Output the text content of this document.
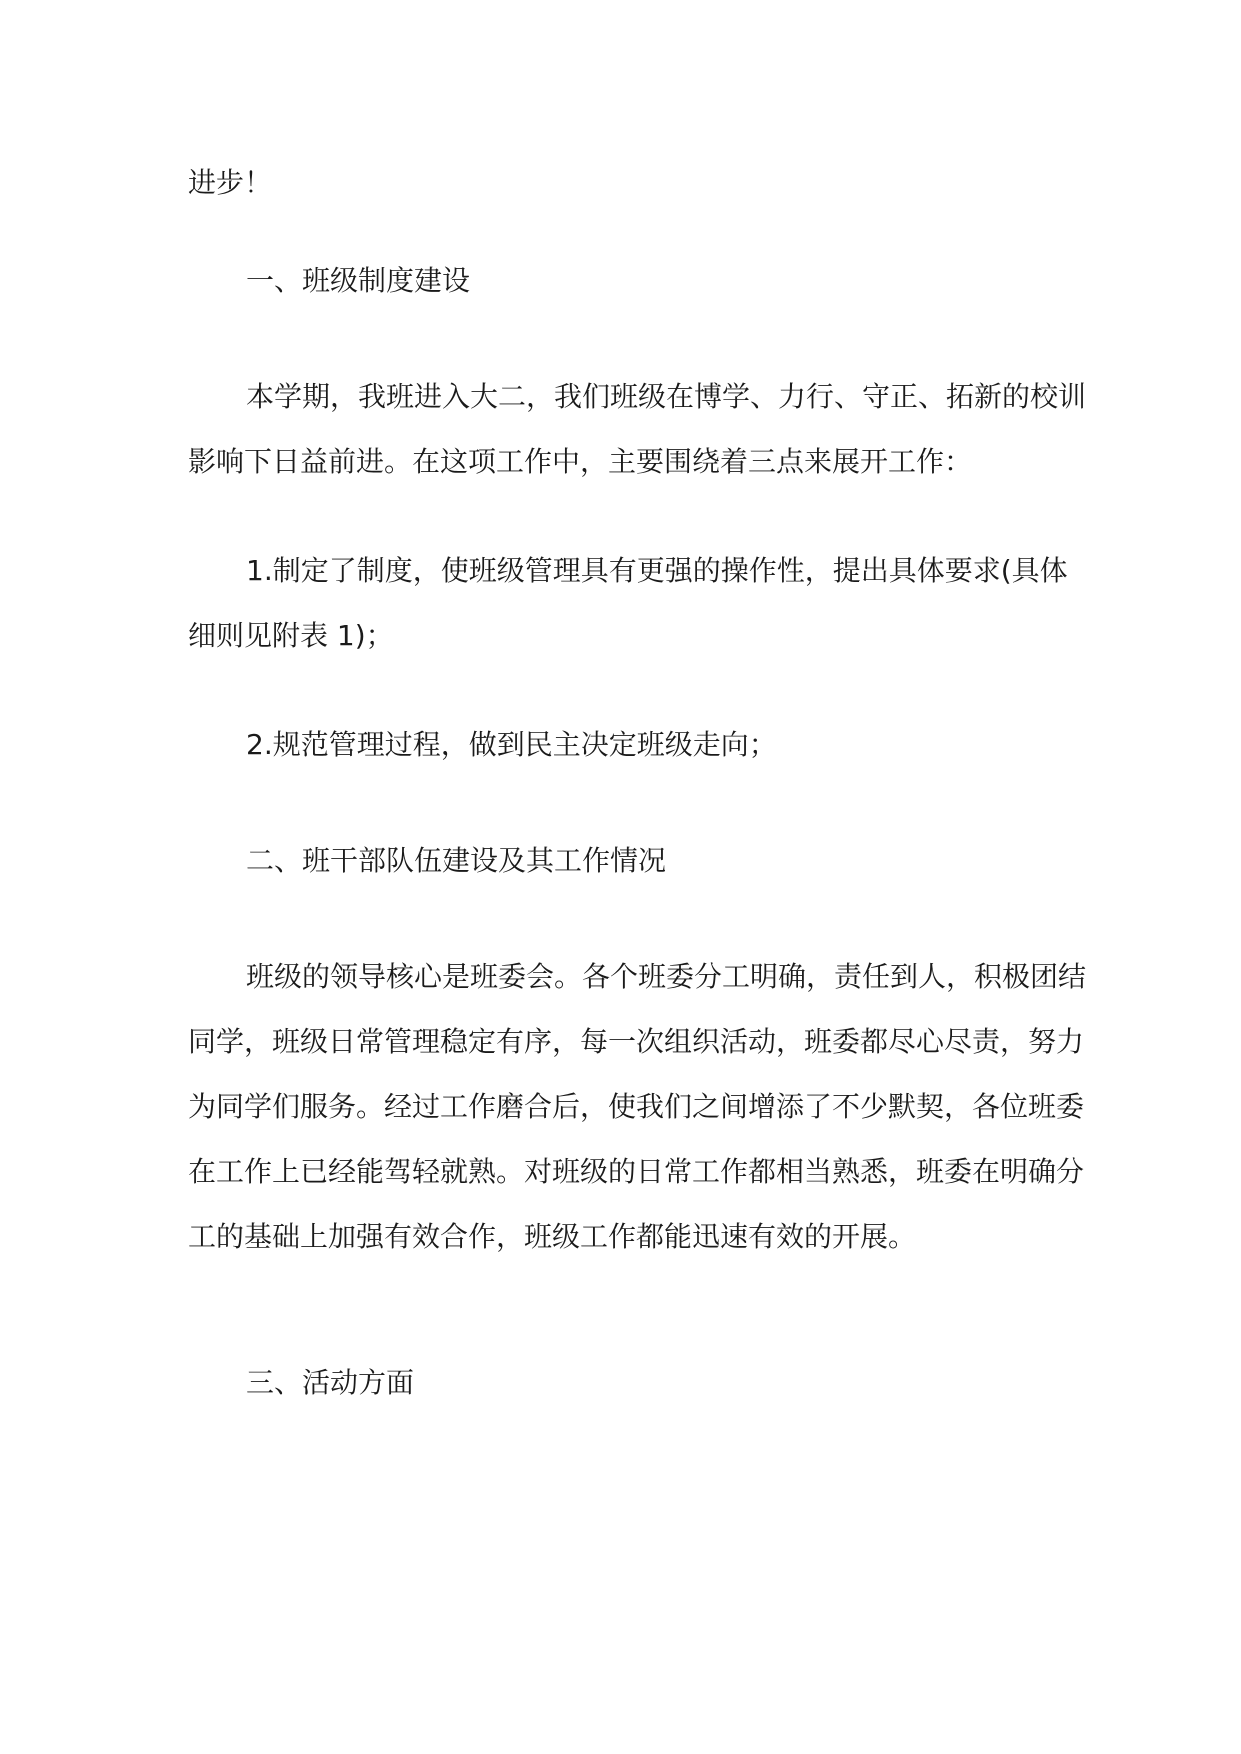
进步！

一、班级制度建设

本学期，我班进入大二，我们班级在博学、力行、守正、拓新的校训影响下日益前进。在这项工作中，主要围绕着三点来展开工作：

1.制定了制度，使班级管理具有更强的操作性，提出具体要求(具体细则见附表 1)；

2.规范管理过程，做到民主决定班级走向；

二、班干部队伍建设及其工作情况

班级的领导核心是班委会。各个班委分工明确，责任到人，积极团结同学，班级日常管理稳定有序，每一次组织活动，班委都尽心尽责，努力为同学们服务。经过工作磨合后，使我们之间增添了不少默契，各位班委在工作上已经能驾轻就熟。对班级的日常工作都相当熟悉，班委在明确分工的基础上加强有效合作，班级工作都能迅速有效的开展。

三、活动方面
